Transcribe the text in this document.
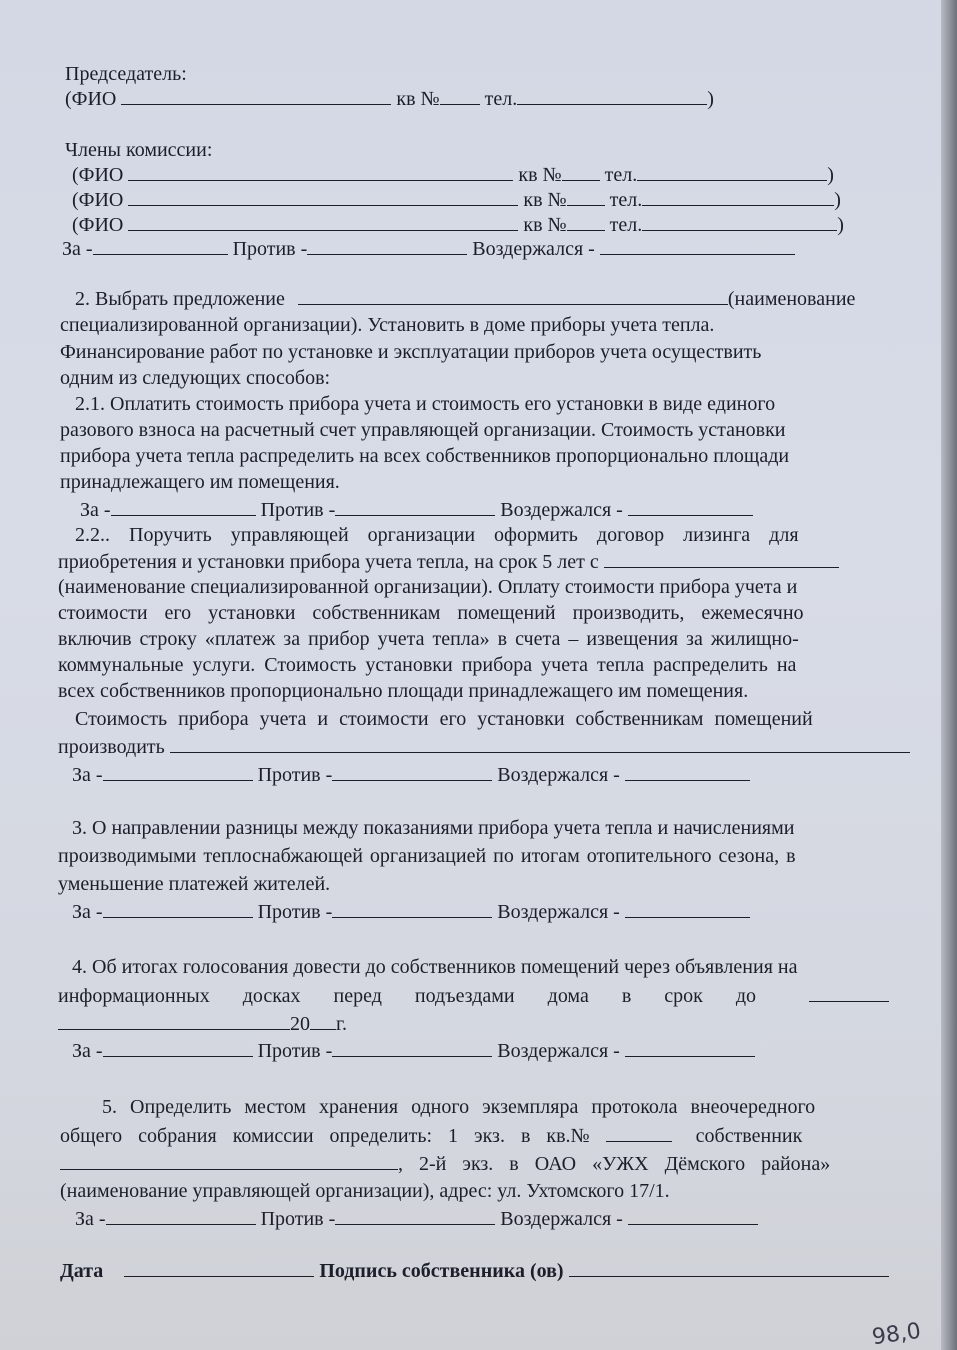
Председатель:
(ФИО	кв № тел.	)
Члены комиссии:
(ФИО	кв № тел.	)
(ФИО	кв № тел.	)
(ФИО	кв № тел.	)
За -	Против -	Воздержался -
2. Выбрать предложение	(наименование
специализированной организации). Установить в доме приборы учета тепла.
Финансирование работ по установке и эксплуатации приборов учета осуществить
одним из следующих способов:
2.1. Оплатить стоимость прибора учета и стоимость его установки в виде единого
разового взноса на расчетный счет управляющей организации. Стоимость установки
прибора учета тепла распределить на всех собственников пропорционально площади
принадлежащего им помещения.
За -	Против -	Воздержался -
2.2.. Поручить управляющей организации оформить договор лизинга для
приобретения и установки прибора учета тепла, на срок 5 лет с
(наименование специализированной организации). Оплату стоимости прибора учета и
стоимости его установки собственникам помещений производить, ежемесячно
включив строку «платеж за прибор учета тепла» в счета – извещения за жилищно-
коммунальные услуги. Стоимость установки прибора учета тепла распределить на
всех собственников пропорционально площади принадлежащего им помещения.
Стоимость прибора учета и стоимости его установки собственникам помещений
производить
За -	Против -	Воздержался -
3. О направлении разницы между показаниями прибора учета тепла и начислениями
производимыми теплоснабжающей организацией по итогам отопительного сезона, в
уменьшение платежей жителей.
За -	Против -	Воздержался -
4. Об итогах голосования довести до собственников помещений через объявления на
информационных досках перед подъездами дома в срок до
20 г.
За -	Против -	Воздержался -
5. Определить местом хранения одного экземпляра протокола внеочередного
общего собрания комиссии определить: 1 экз. в кв.№	собственник
, 2-й экз. в ОАО «УЖХ Дёмского района»
(наименование управляющей организации), адрес: ул. Ухтомского 17/1.
За -	Против -	Воздержался -
Дата	Подпись собственника (ов)
98,0
